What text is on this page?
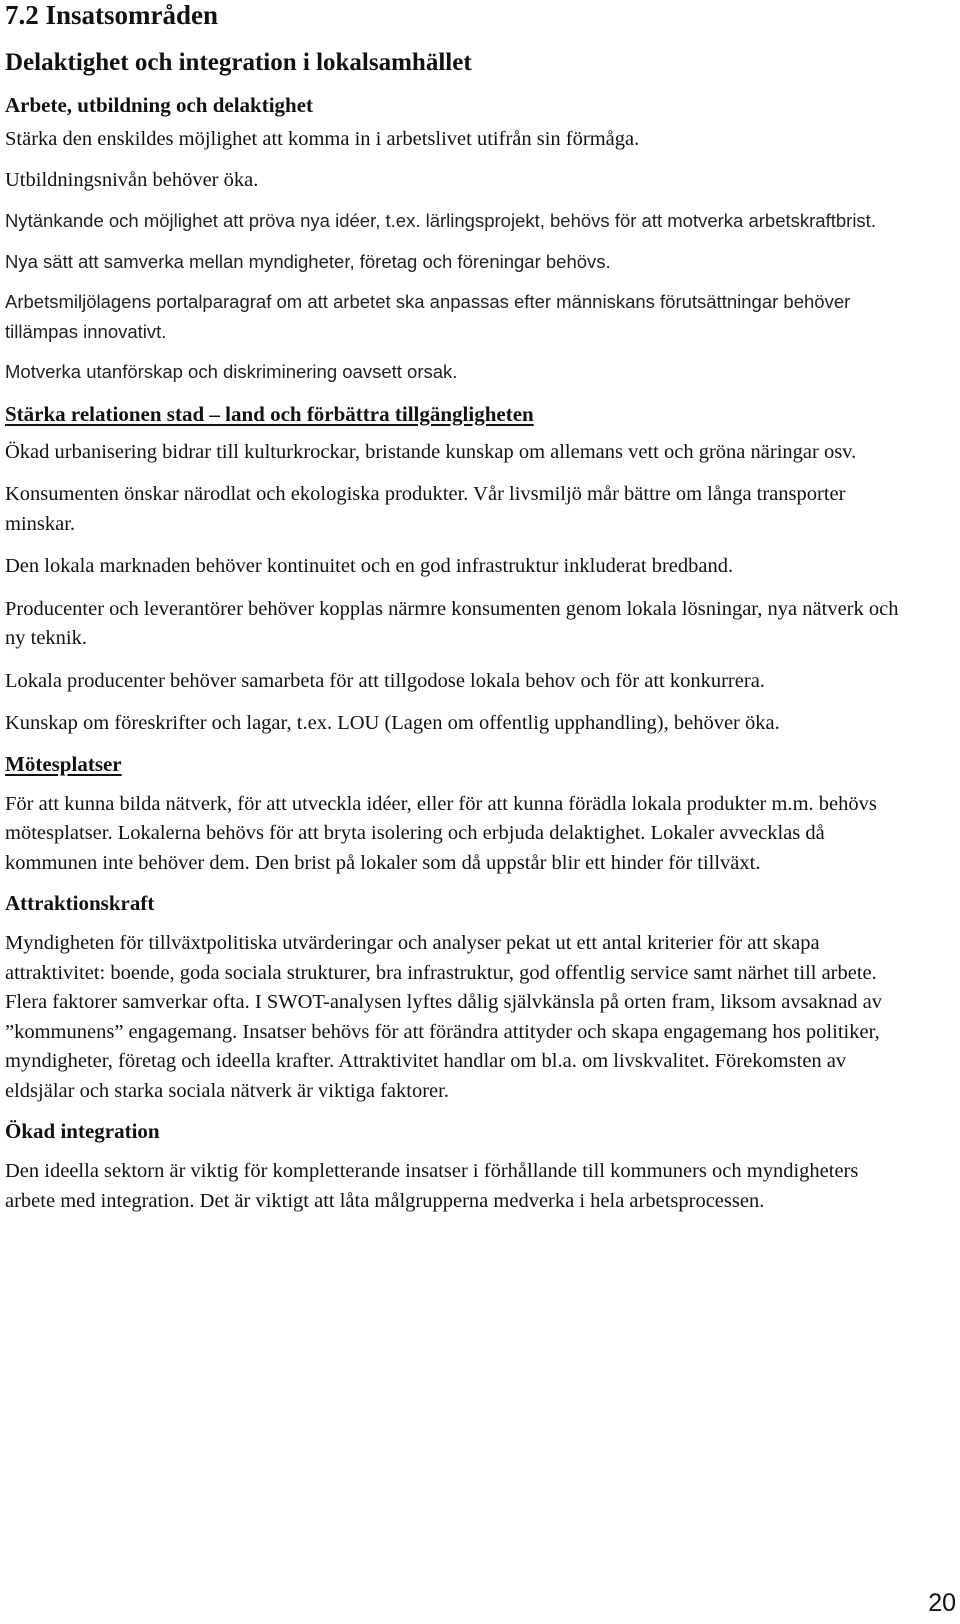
7.2 Insatsområden
Delaktighet och integration i lokalsamhället
Arbete, utbildning och delaktighet

Stärka den enskildes möjlighet att komma in i arbetslivet utifrån sin förmåga.

Utbildningsnivån behöver öka.

Nytänkande och möjlighet att pröva nya idéer, t.ex. lärlingsprojekt, behövs för att motverka arbetskraftbrist.

Nya sätt att samverka mellan myndigheter, företag och föreningar behövs.

Arbetsmiljölagens portalparagraf om att arbetet ska anpassas efter människans förutsättningar behöver tillämpas innovativt.

Motverka utanförskap och diskriminering oavsett orsak.

Stärka relationen stad – land och förbättra tillgängligheten

Ökad urbanisering bidrar till kulturkrockar, bristande kunskap om allemans vett och gröna näringar osv.

Konsumenten önskar närodlat och ekologiska produkter. Vår livsmiljö mår bättre om långa transporter minskar.

Den lokala marknaden behöver kontinuitet och en god infrastruktur inkluderat bredband.

Producenter och leverantörer behöver kopplas närmre konsumenten genom lokala lösningar, nya nätverk och ny teknik.

Lokala producenter behöver samarbeta för att tillgodose lokala behov och för att konkurrera.

Kunskap om föreskrifter och lagar, t.ex. LOU (Lagen om offentlig upphandling), behöver öka.

Mötesplatser

För att kunna bilda nätverk, för att utveckla idéer, eller för att kunna förädla lokala produkter m.m. behövs mötesplatser. Lokalerna behövs för att bryta isolering och erbjuda delaktighet. Lokaler avvecklas då kommunen inte behöver dem. Den brist på lokaler som då uppstår blir ett hinder för tillväxt.

Attraktionskraft

Myndigheten för tillväxtpolitiska utvärderingar och analyser pekat ut ett antal kriterier för att skapa attraktivitet: boende, goda sociala strukturer, bra infrastruktur, god offentlig service samt närhet till arbete. Flera faktorer samverkar ofta. I SWOT-analysen lyftes dålig självkänsla på orten fram, liksom avsaknad av ”kommunens” engagemang. Insatser behövs för att förändra attityder och skapa engagemang hos politiker, myndigheter, företag och ideella krafter. Attraktivitet handlar om bl.a. om livskvalitet. Förekomsten av eldsjälar och starka sociala nätverk är viktiga faktorer.

Ökad integration

Den ideella sektorn är viktig för kompletterande insatser i förhållande till kommuners och myndigheters arbete med integration. Det är viktigt att låta målgrupperna medverka i hela arbetsprocessen.

20
